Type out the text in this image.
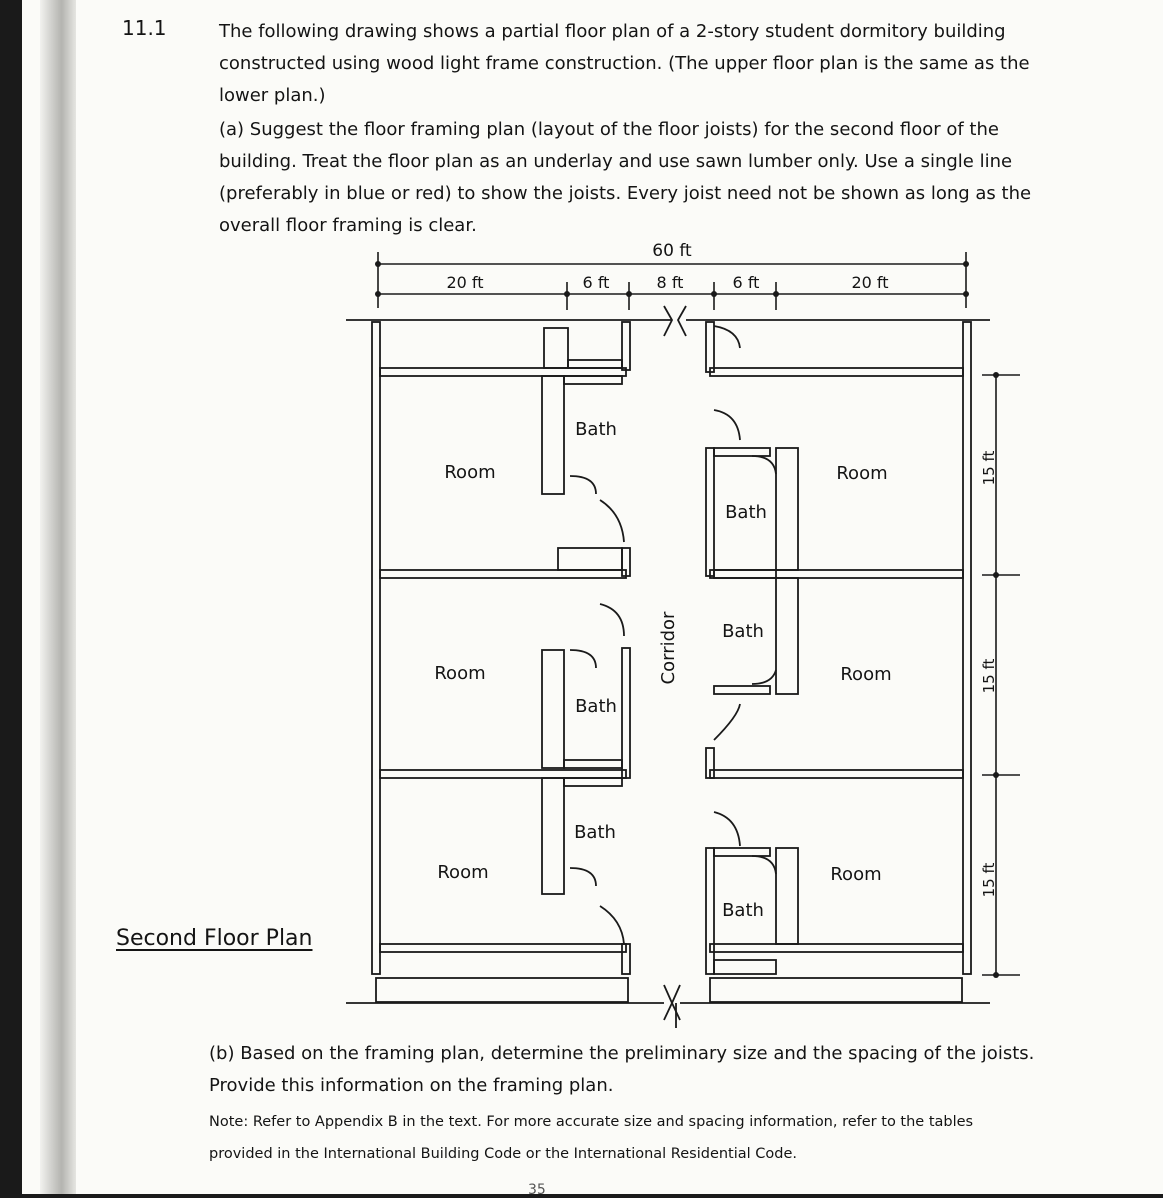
11.1	The following drawing shows a partial floor plan of a 2-story student dormitory building
constructed using wood light frame construction. (The upper floor plan is the same as the
lower plan.)
(a) Suggest the floor framing plan (layout of the floor joists) for the second floor of the
building. Treat the floor plan as an underlay and use sawn lumber only. Use a single line
(preferably in blue or red) to show the joists. Every joist need not be shown as long as the
overall floor framing is clear.
Second Floor Plan
60 ft
20 ft	6 ft	8 ft	6 ft	20 ft
15 ft
15 ft
15 ft
Room
Room
Room
Room
Room
Room
Bath
Bath
Bath
Bath
Bath
Bath
Corridor
(b) Based on the framing plan, determine the preliminary size and the spacing of the joists.
Provide this information on the framing plan.
Note: Refer to Appendix B in the text. For more accurate size and spacing information, refer to the tables
provided in the International Building Code or the International Residential Code.
35
